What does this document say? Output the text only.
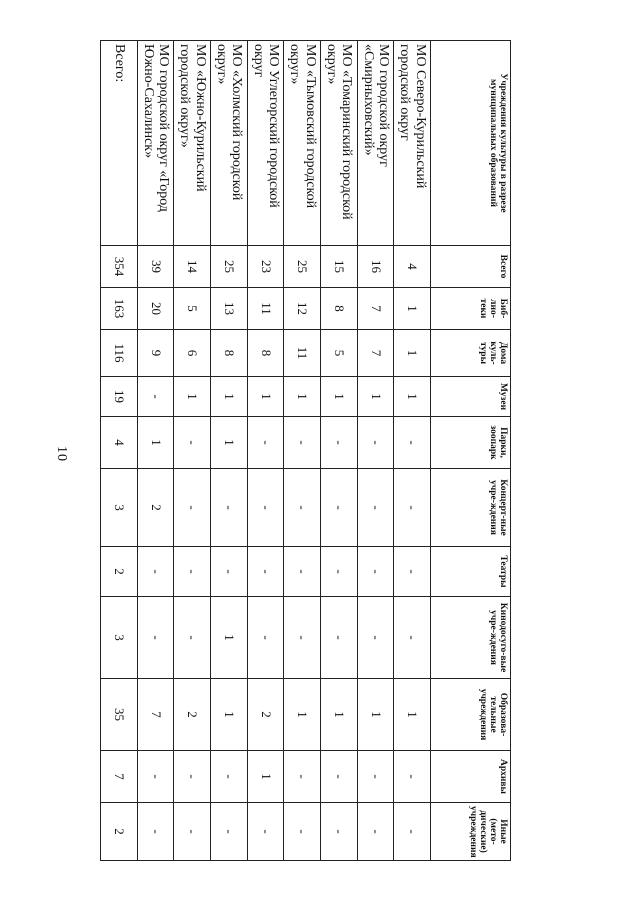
10
Учреждения культуры в разрезе муниципальных образований	Всего	Биб-лио-теки	Дома куль-туры	Музеи	Парки, зоопарк	Концерт-ные учре-ждения	Театры	Кинодосуго-вые учре-ждения	Образова-тельные учреждения	Архивы	Иные (мето-дические) учреждения
МО Северо-Курильский городской округ	4	1	1	1	-	-	-	-	1	-	-
МО городской округ «Смирныховский»	16	7	7	1	-	-	-	-	1	-	-
МО «Томаринский городской округ»	15	8	5	1	-	-	-	-	1	-	-
МО «Тымовский городской округ»	25	12	11	1	-	-	-	-	1	-	-
МО Углегорский городской округ	23	11	8	1	-	-	-	-	2	1	-
МО «Холмский городской округ»	25	13	8	1	1	-	-	1	1	-	-
МО «Южно-Курильский городской округ»	14	5	6	1	-	-	-	-	2	-	-
МО городской округ «Город Южно-Сахалинск»	39	20	9	-	1	2	-	-	7	-	-
Всего:	354	163	116	19	4	3	2	3	35	7	2
